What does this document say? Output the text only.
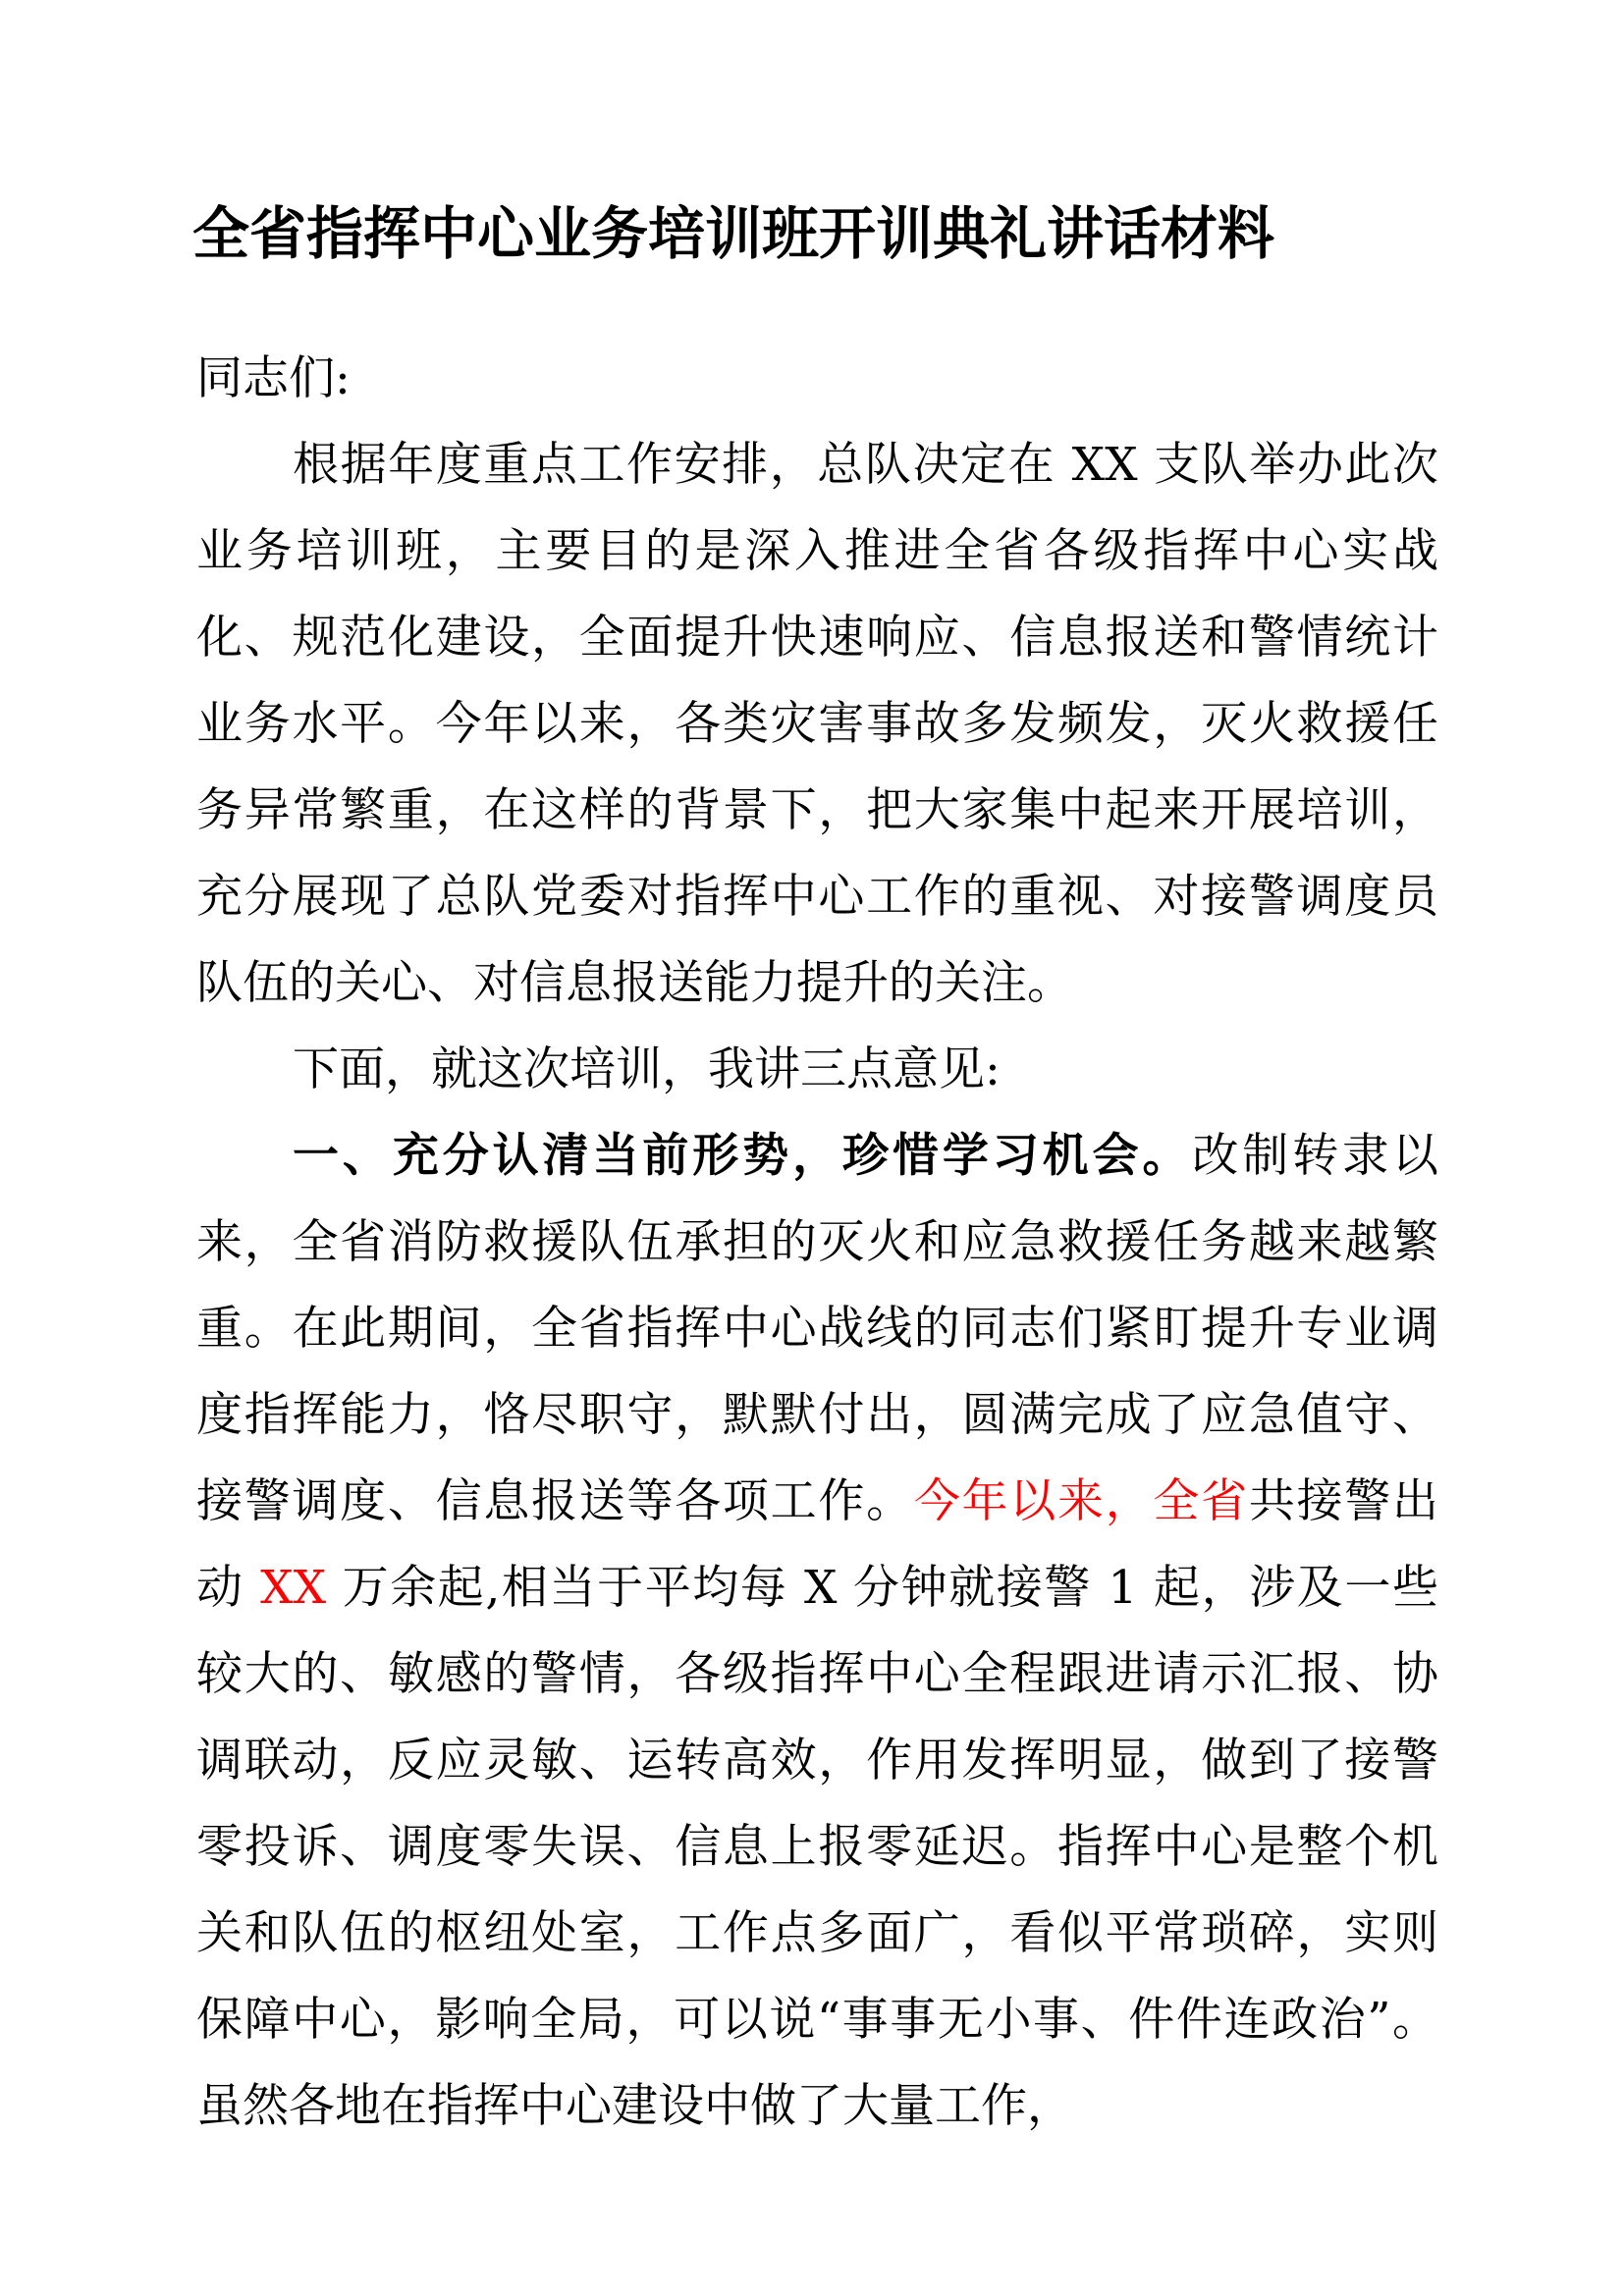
全省指挥中心业务培训班开训典礼讲话材料

同志们:

根据年度重点工作安排，总队决定在 XX 支队举办此次业务培训班，主要目的是深入推进全省各级指挥中心实战化、规范化建设，全面提升快速响应、信息报送和警情统计业务水平。今年以来，各类灾害事故多发频发，灭火救援任务异常繁重，在这样的背景下，把大家集中起来开展培训，充分展现了总队党委对指挥中心工作的重视、对接警调度员队伍的关心、对信息报送能力提升的关注。

下面，就这次培训，我讲三点意见:

一、充分认清当前形势，珍惜学习机会。改制转隶以来，全省消防救援队伍承担的灭火和应急救援任务越来越繁重。在此期间，全省指挥中心战线的同志们紧盯提升专业调度指挥能力，恪尽职守，默默付出，圆满完成了应急值守、接警调度、信息报送等各项工作。今年以来，全省共接警出动 XX 万余起,相当于平均每 X 分钟就接警 1 起，涉及一些较大的、敏感的警情，各级指挥中心全程跟进请示汇报、协调联动，反应灵敏、运转高效，作用发挥明显，做到了接警零投诉、调度零失误、信息上报零延迟。指挥中心是整个机关和队伍的枢纽处室，工作点多面广，看似平常琐碎，实则保障中心，影响全局，可以说“事事无小事、件件连政治”。虽然各地在指挥中心建设中做了大量工作，
